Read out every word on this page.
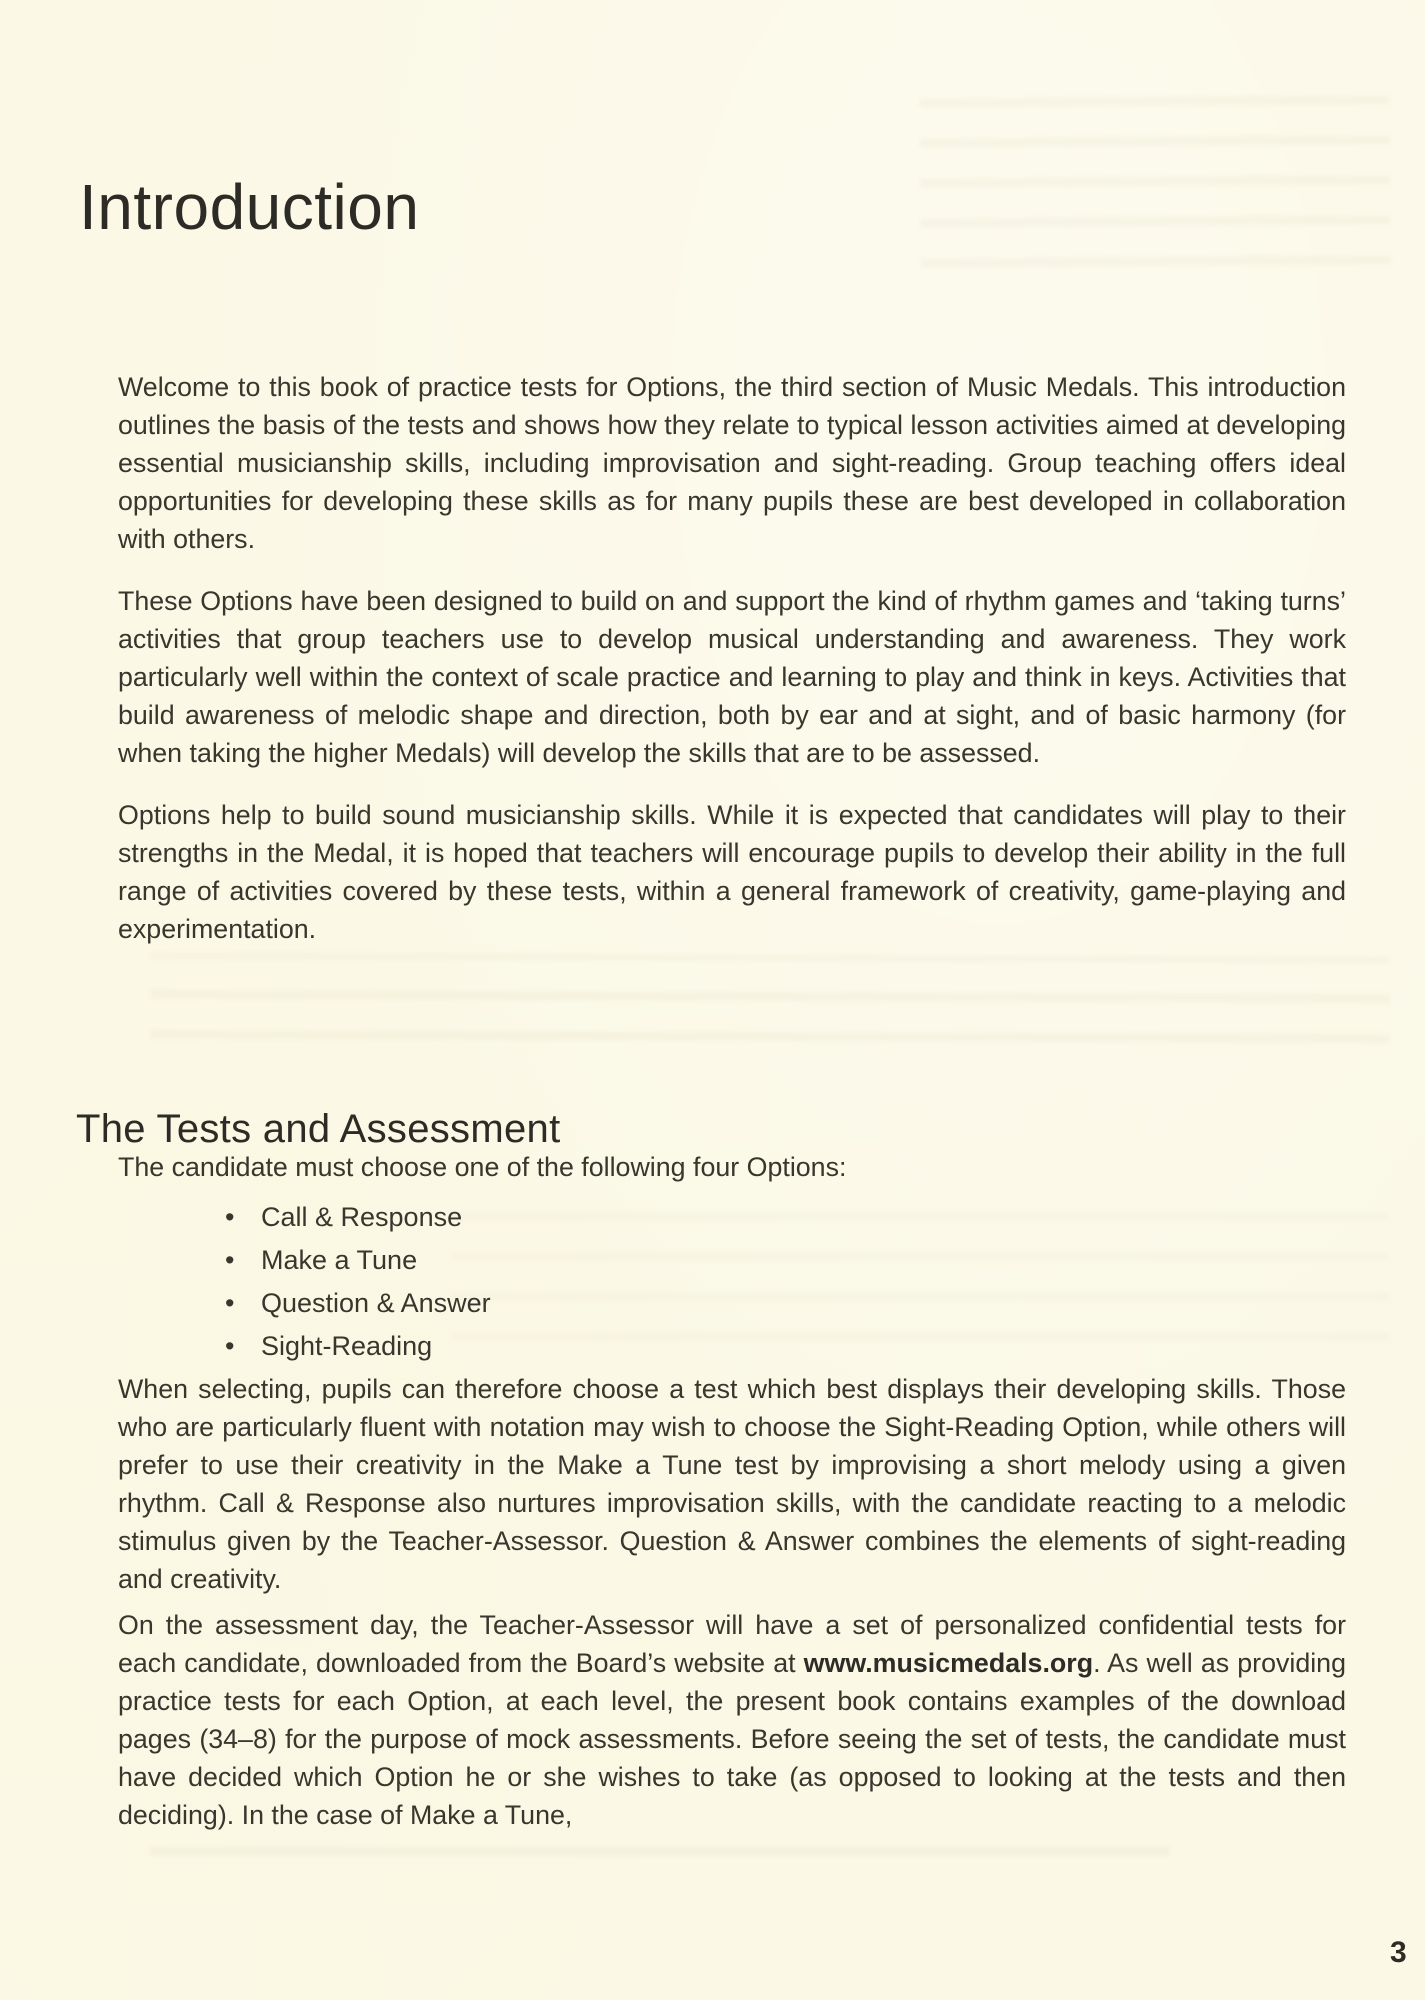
Introduction

Welcome to this book of practice tests for Options, the third section of Music Medals. This introduction outlines the basis of the tests and shows how they relate to typical lesson activities aimed at developing essential musicianship skills, including improvisation and sight-reading. Group teaching offers ideal opportunities for developing these skills as for many pupils these are best developed in collaboration with others.

These Options have been designed to build on and support the kind of rhythm games and ‘taking turns’ activities that group teachers use to develop musical understanding and awareness. They work particularly well within the context of scale practice and learning to play and think in keys. Activities that build awareness of melodic shape and direction, both by ear and at sight, and of basic harmony (for when taking the higher Medals) will develop the skills that are to be assessed.

Options help to build sound musicianship skills. While it is expected that candidates will play to their strengths in the Medal, it is hoped that teachers will encourage pupils to develop their ability in the full range of activities covered by these tests, within a general framework of creativity, game-playing and experimentation.

The Tests and Assessment
The candidate must choose one of the following four Options:
•
Call & Response
•
Make a Tune
•
Question & Answer
•
Sight-Reading

When selecting, pupils can therefore choose a test which best displays their developing skills. Those who are particularly fluent with notation may wish to choose the Sight-Reading Option, while others will prefer to use their creativity in the Make a Tune test by improvising a short melody using a given rhythm. Call & Response also nurtures improvisation skills, with the candidate reacting to a melodic stimulus given by the Teacher-Assessor. Question & Answer combines the elements of sight-reading and creativity.

On the assessment day, the Teacher-Assessor will have a set of personalized confidential tests for each candidate, downloaded from the Board’s website at www.musicmedals.org. As well as providing practice tests for each Option, at each level, the present book contains examples of the download pages (34–8) for the purpose of mock assessments. Before seeing the set of tests, the candidate must have decided which Option he or she wishes to take (as opposed to looking at the tests and then deciding). In the case of Make a Tune,

3
